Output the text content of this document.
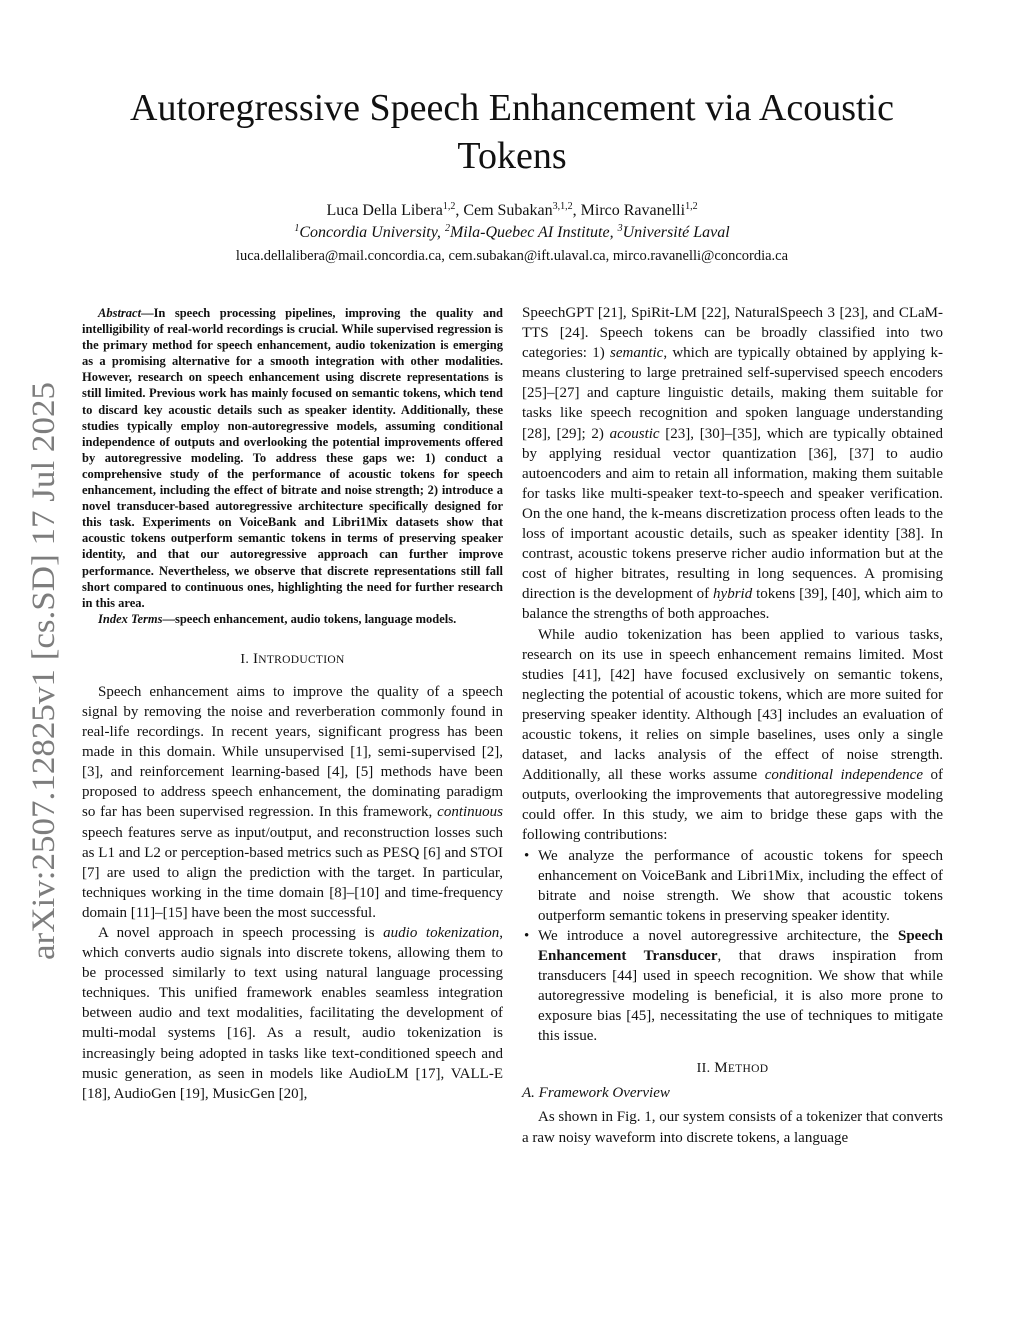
arXiv:2507.12825v1 [cs.SD] 17 Jul 2025
Autoregressive Speech Enhancement via Acoustic Tokens
Luca Della Libera$^{1,2}$, Cem Subakan$^{3,1,2}$, Mirco Ravanelli$^{1,2}$
$^1$Concordia University, $^2$Mila-Quebec AI Institute, $^3$Université Laval
luca.dellalibera@mail.concordia.ca, cem.subakan@ift.ulaval.ca, mirco.ravanelli@concordia.ca

Abstract—In speech processing pipelines, improving the quality and intelligibility of real-world recordings is crucial. While supervised regression is the primary method for speech enhancement, audio tokenization is emerging as a promising alternative for a smooth integration with other modalities. However, research on speech enhancement using discrete representations is still limited. Previous work has mainly focused on semantic tokens, which tend to discard key acoustic details such as speaker identity. Additionally, these studies typically employ non-autoregressive models, assuming conditional independence of outputs and overlooking the potential improvements offered by autoregressive modeling. To address these gaps we: 1) conduct a comprehensive study of the performance of acoustic tokens for speech enhancement, including the effect of bitrate and noise strength; 2) introduce a novel transducer-based autoregressive architecture specifically designed for this task. Experiments on VoiceBank and Libri1Mix datasets show that acoustic tokens outperform semantic tokens in terms of preserving speaker identity, and that our autoregressive approach can further improve performance. Nevertheless, we observe that discrete representations still fall short compared to continuous ones, highlighting the need for further research in this area.

Index Terms—speech enhancement, audio tokens, language models.

I. INTRODUCTION

Speech enhancement aims to improve the quality of a speech signal by removing the noise and reverberation commonly found in real-life recordings. In recent years, significant progress has been made in this domain. While unsupervised [1], semi-supervised [2], [3], and reinforcement learning-based [4], [5] methods have been proposed to address speech enhancement, the dominating paradigm so far has been supervised regression. In this framework, continuous speech features serve as input/output, and reconstruction losses such as L1 and L2 or perception-based metrics such as PESQ [6] and STOI [7] are used to align the prediction with the target. In particular, techniques working in the time domain [8]–[10] and time-frequency domain [11]–[15] have been the most successful.

A novel approach in speech processing is audio tokenization, which converts audio signals into discrete tokens, allowing them to be processed similarly to text using natural language processing techniques. This unified framework enables seamless integration between audio and text modalities, facilitating the development of multi-modal systems [16]. As a result, audio tokenization is increasingly being adopted in tasks like text-conditioned speech and music generation, as seen in models like AudioLM [17], VALL-E [18], AudioGen [19], MusicGen [20],

SpeechGPT [21], SpiRit-LM [22], NaturalSpeech 3 [23], and CLaM-TTS [24]. Speech tokens can be broadly classified into two categories: 1) semantic, which are typically obtained by applying k-means clustering to large pretrained self-supervised speech encoders [25]–[27] and capture linguistic details, making them suitable for tasks like speech recognition and spoken language understanding [28], [29]; 2) acoustic [23], [30]–[35], which are typically obtained by applying residual vector quantization [36], [37] to audio autoencoders and aim to retain all information, making them suitable for tasks like multi-speaker text-to-speech and speaker verification. On the one hand, the k-means discretization process often leads to the loss of important acoustic details, such as speaker identity [38]. In contrast, acoustic tokens preserve richer audio information but at the cost of higher bitrates, resulting in long sequences. A promising direction is the development of hybrid tokens [39], [40], which aim to balance the strengths of both approaches.

While audio tokenization has been applied to various tasks, research on its use in speech enhancement remains limited. Most studies [41], [42] have focused exclusively on semantic tokens, neglecting the potential of acoustic tokens, which are more suited for preserving speaker identity. Although [43] includes an evaluation of acoustic tokens, it relies on simple baselines, uses only a single dataset, and lacks analysis of the effect of noise strength. Additionally, all these works assume conditional independence of outputs, overlooking the improvements that autoregressive modeling could offer. In this study, we aim to bridge these gaps with the following contributions:

• We analyze the performance of acoustic tokens for speech enhancement on VoiceBank and Libri1Mix, including the effect of bitrate and noise strength. We show that acoustic tokens outperform semantic tokens in preserving speaker identity.
• We introduce a novel autoregressive architecture, the Speech Enhancement Transducer, that draws inspiration from transducers [44] used in speech recognition. We show that while autoregressive modeling is beneficial, it is also more prone to exposure bias [45], necessitating the use of techniques to mitigate this issue.
II. METHOD
A. Framework Overview

As shown in Fig. 1, our system consists of a tokenizer that converts a raw noisy waveform into discrete tokens, a language
